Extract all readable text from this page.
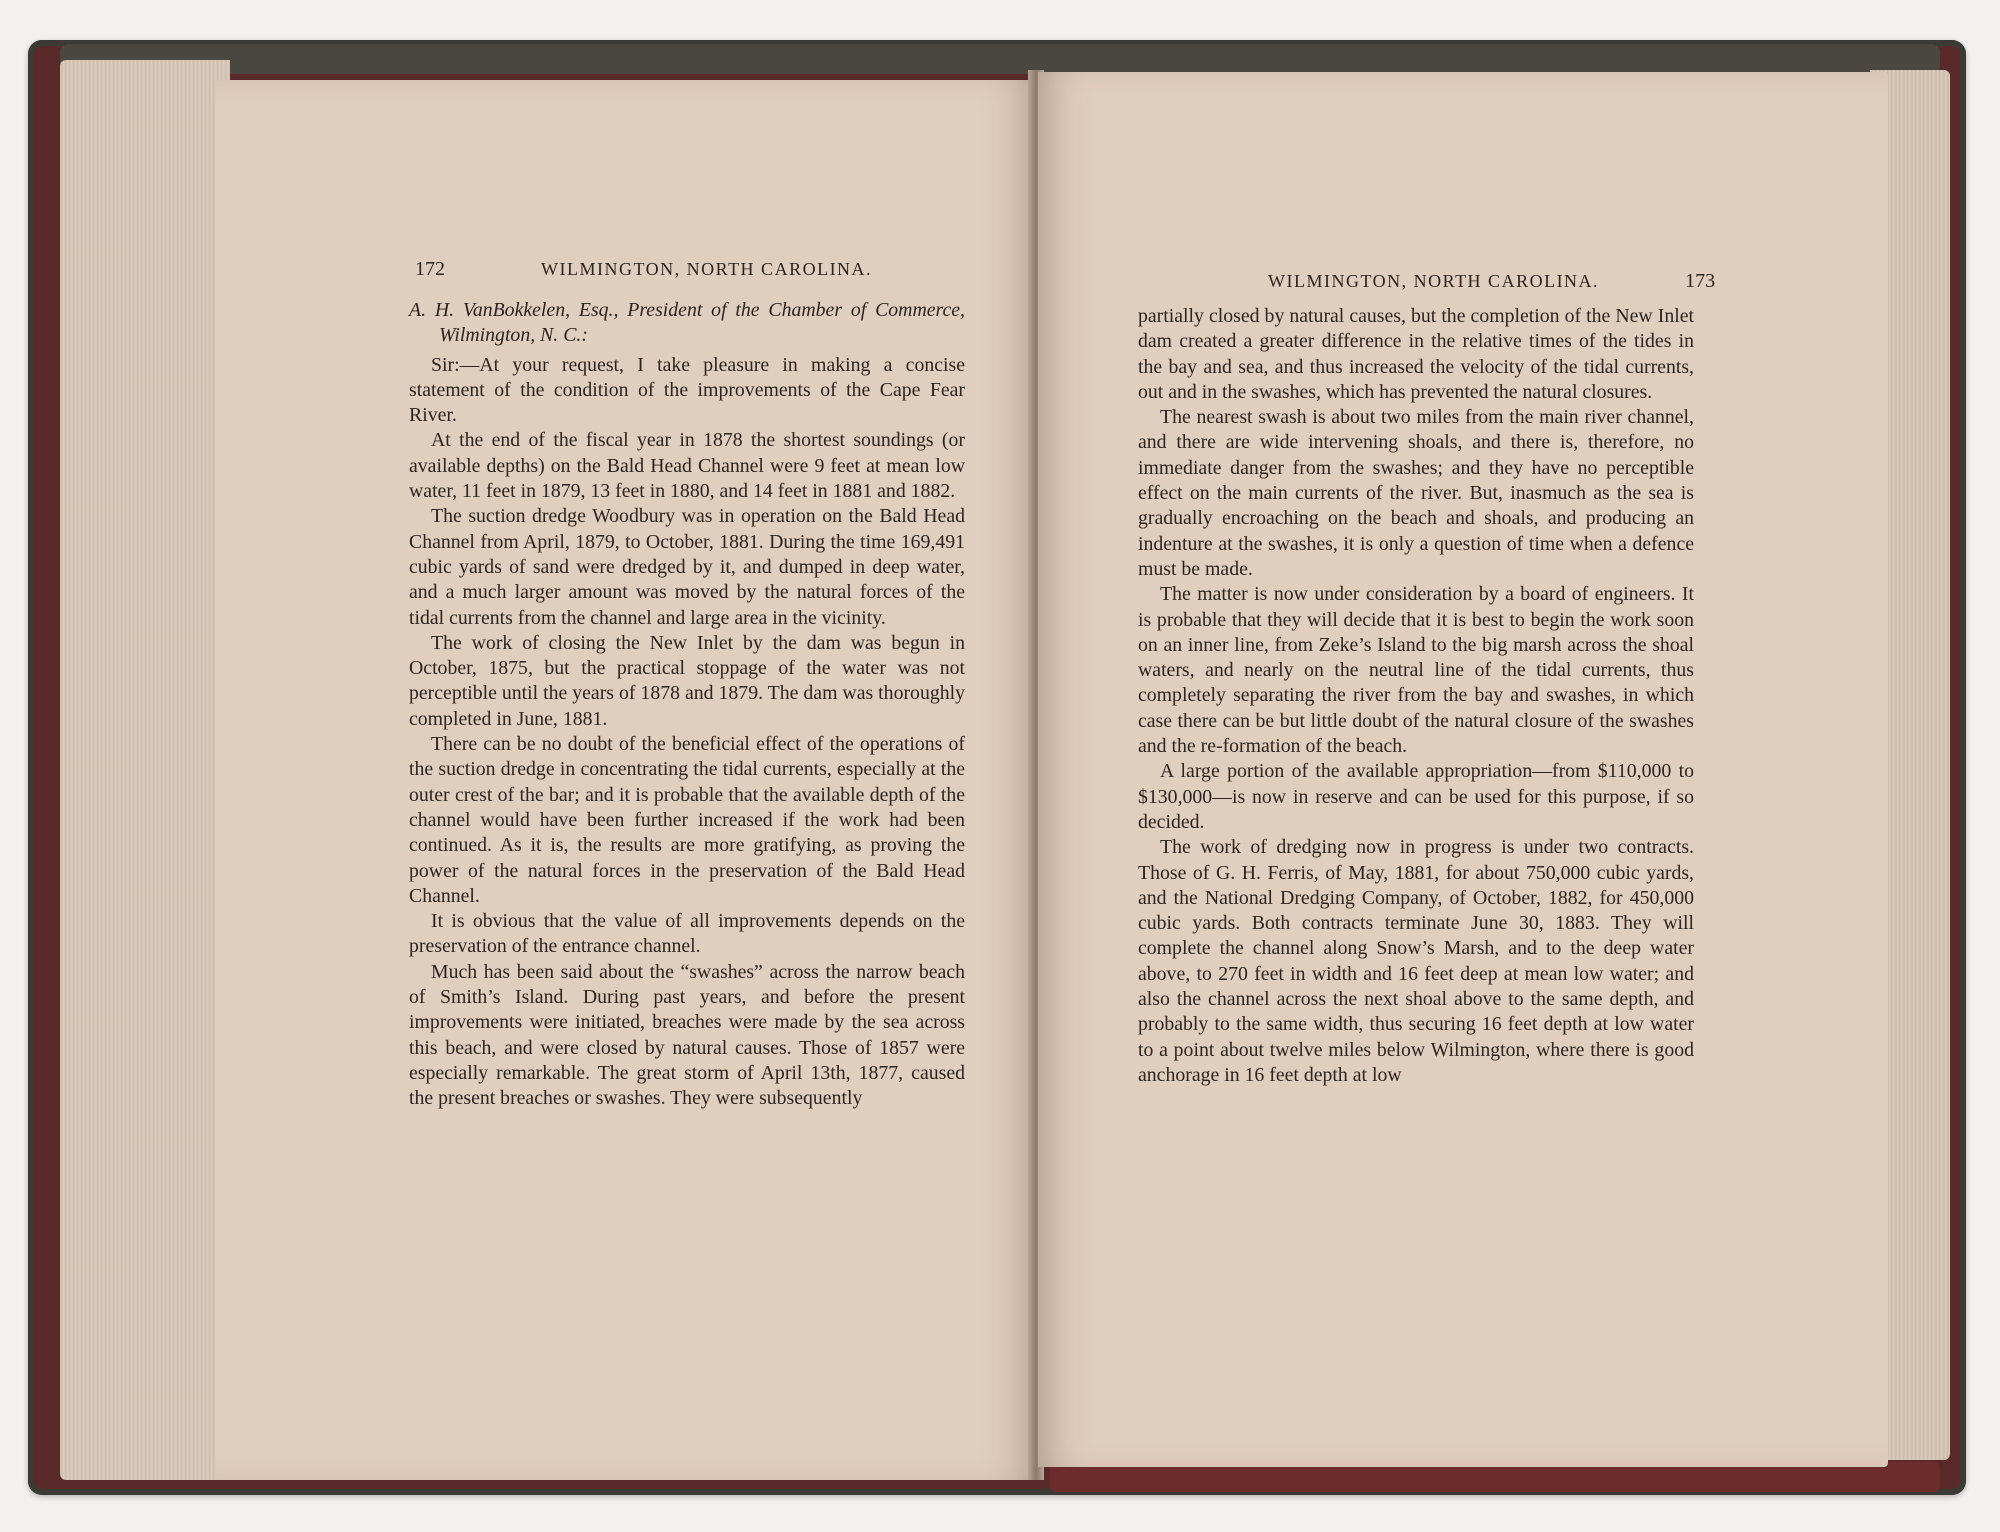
172	WILMINGTON, NORTH CAROLINA.

A. H. VanBokkelen, Esq., President of the Chamber of Commerce, Wilmington, N. C.:

Sir:—At your request, I take pleasure in making a concise statement of the condition of the improvements of the Cape Fear River.

At the end of the fiscal year in 1878 the shortest soundings (or available depths) on the Bald Head Channel were 9 feet at mean low water, 11 feet in 1879, 13 feet in 1880, and 14 feet in 1881 and 1882.

The suction dredge Woodbury was in operation on the Bald Head Channel from April, 1879, to October, 1881. During the time 169,491 cubic yards of sand were dredged by it, and dumped in deep water, and a much larger amount was moved by the natural forces of the tidal currents from the channel and large area in the vicinity.

The work of closing the New Inlet by the dam was begun in October, 1875, but the practical stoppage of the water was not perceptible until the years of 1878 and 1879. The dam was thoroughly completed in June, 1881.

There can be no doubt of the beneficial effect of the operations of the suction dredge in concentrating the tidal currents, especially at the outer crest of the bar; and it is probable that the available depth of the channel would have been further increased if the work had been continued. As it is, the results are more gratifying, as proving the power of the natural forces in the preservation of the Bald Head Channel.

It is obvious that the value of all improvements depends on the preservation of the entrance channel.

Much has been said about the “swashes” across the narrow beach of Smith’s Island. During past years, and before the present improvements were initiated, breaches were made by the sea across this beach, and were closed by natural causes. Those of 1857 were especially remarkable. The great storm of April 13th, 1877, caused the present breaches or swashes. They were subsequently

WILMINGTON, NORTH CAROLINA.	173

partially closed by natural causes, but the completion of the New Inlet dam created a greater difference in the relative times of the tides in the bay and sea, and thus increased the velocity of the tidal currents, out and in the swashes, which has prevented the natural closures.

The nearest swash is about two miles from the main river channel, and there are wide intervening shoals, and there is, therefore, no immediate danger from the swashes; and they have no perceptible effect on the main currents of the river. But, inasmuch as the sea is gradually encroaching on the beach and shoals, and producing an indenture at the swashes, it is only a question of time when a defence must be made.

The matter is now under consideration by a board of engineers. It is probable that they will decide that it is best to begin the work soon on an inner line, from Zeke’s Island to the big marsh across the shoal waters, and nearly on the neutral line of the tidal currents, thus completely separating the river from the bay and swashes, in which case there can be but little doubt of the natural closure of the swashes and the re-formation of the beach.

A large portion of the available appropriation—from $110,000 to $130,000—is now in reserve and can be used for this purpose, if so decided.

The work of dredging now in progress is under two contracts. Those of G. H. Ferris, of May, 1881, for about 750,000 cubic yards, and the National Dredging Company, of October, 1882, for 450,000 cubic yards. Both contracts terminate June 30, 1883. They will complete the channel along Snow’s Marsh, and to the deep water above, to 270 feet in width and 16 feet deep at mean low water; and also the channel across the next shoal above to the same depth, and probably to the same width, thus securing 16 feet depth at low water to a point about twelve miles below Wilmington, where there is good anchorage in 16 feet depth at low
